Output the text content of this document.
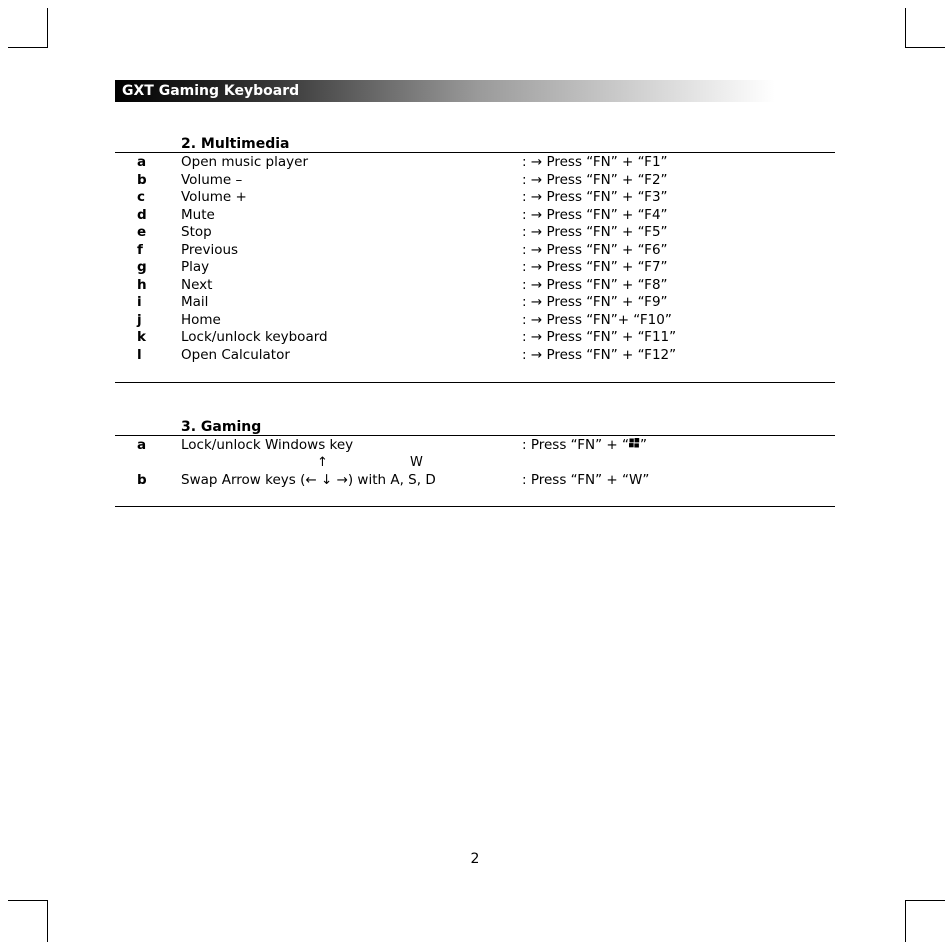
GXT Gaming Keyboard
2. Multimedia
a	Open music player	: → Press “FN” + “F1”
b	Volume –	: → Press “FN” + “F2”
c	Volume +	: → Press “FN” + “F3”
d	Mute	: → Press “FN” + “F4”
e	Stop	: → Press “FN” + “F5”
f	Previous	: → Press “FN” + “F6”
g	Play	: → Press “FN” + “F7”
h	Next	: → Press “FN” + “F8”
i	Mail	: → Press “FN” + “F9”
j	Home	: → Press “FN”+ “F10”
k	Lock/unlock keyboard	: → Press “FN” + “F11”
l	Open Calculator	: → Press “FN” + “F12”
3. Gaming
a	Lock/unlock Windows key	: Press “FN” + “ ”
↑	W
b	Swap Arrow keys (← ↓ →) with A, S, D	: Press “FN” + “W”
2
